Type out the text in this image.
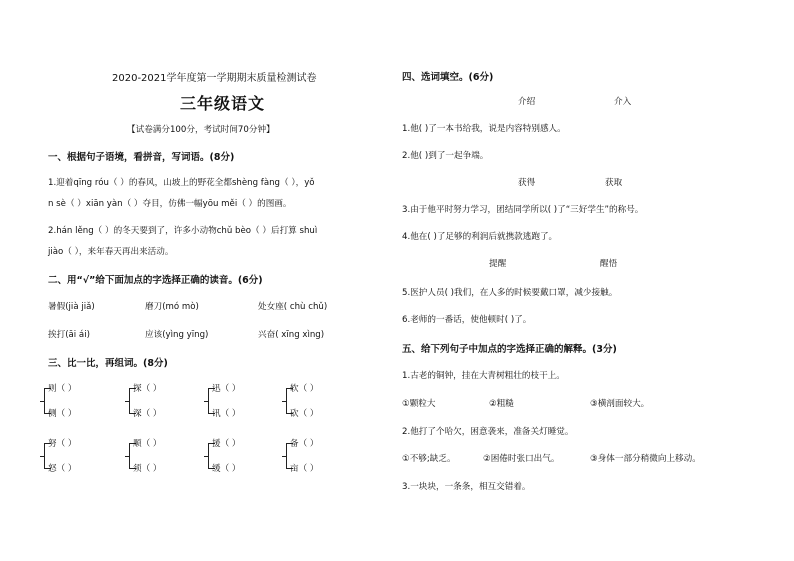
2020-2021学年度第一学期期末质量检测试卷
三年级语文
【试卷满分100分，考试时间70分钟】
一、根据句子语境，看拼音，写词语。(8分)
1.迎着qīng róu（ ）的春风，山坡上的野花全都shèng fàng（ ），yǒ
n sè（ ）xiān yàn（ ）夺目，仿佛一幅yōu měi（ ）的图画。
2.hán lěng（ ）的冬天要到了，许多小动物chǔ bèo（ ）后打算 shuì
jiào（ ），来年春天再出来活动。
二、用“√”给下面加点的字选择正确的读音。(6分)
暑假(jià jiǎ)	磨刀(mó mò)	处女座( chù chǔ)
挨打(āi ái)	应该(yìng yīng)	兴奋( xīng xìng)
三、比一比，再组词。(8分)
则（ ）
侧（ ）
探（ ）
深（ ）
迅（ ）
讯（ ）
软（ ）
砍（ ）
努（ ）
怒（ ）
顺（ ）
须（ ）
援（ ）
缓（ ）
备（ ）
亩（ ）
四、选词填空。(6分)
介绍	介入
1.他( )了一本书给我，说是内容特别感人。
2.他( )到了一起争端。
获得	获取
3.由于他平时努力学习，团结同学所以( )了“三好学生”的称号。
4.他在( )了足够的利润后就携款逃跑了。
提醒	醒悟
5.医护人员( )我们，在人多的时候要戴口罩，减少接触。
6.老师的一番话，使他顿时( )了。
五、给下列句子中加点的字选择正确的解释。(3分)
1.古老的铜钟，挂在大青树粗壮的枝干上。
①颗粒大	②粗糙	③横剖面较大。
2.他打了个哈欠，困意袭来，准备关灯睡觉。
①不够;缺乏。	②困倦时张口出气。	③身体一部分稍微向上移动。
3.一块块，一条条，相互交错着。
